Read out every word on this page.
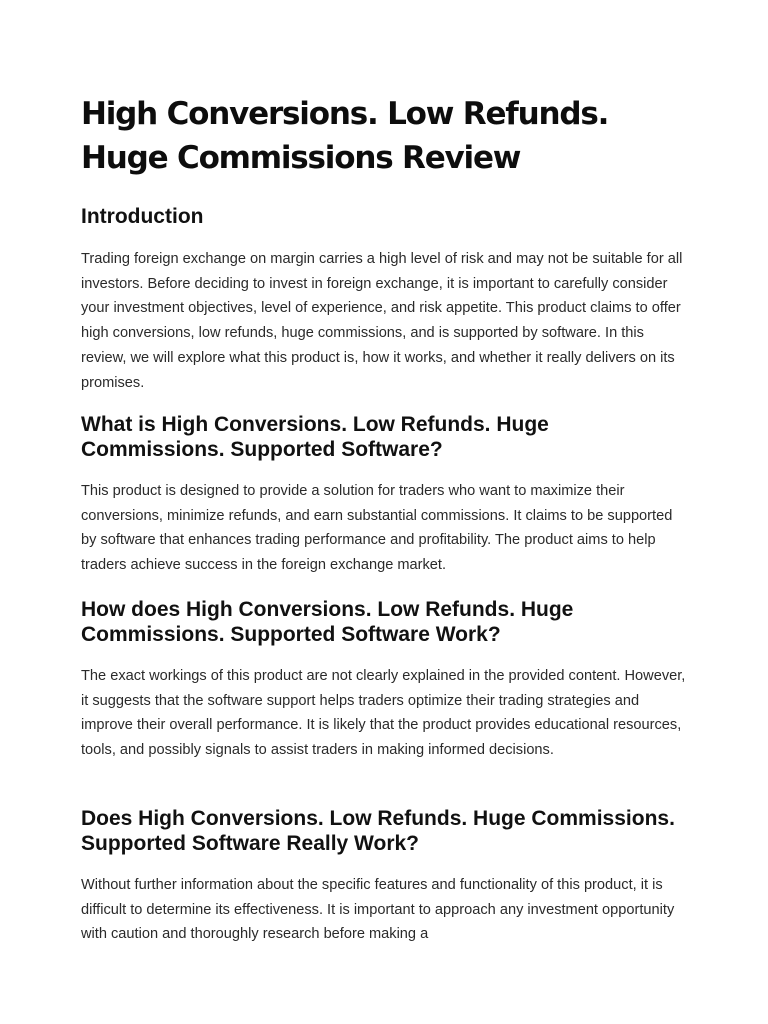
High Conversions. Low Refunds. Huge Commissions Review
Introduction

Trading foreign exchange on margin carries a high level of risk and may not be suitable for all investors. Before deciding to invest in foreign exchange, it is important to carefully consider your investment objectives, level of experience, and risk appetite. This product claims to offer high conversions, low refunds, huge commissions, and is supported by software. In this review, we will explore what this product is, how it works, and whether it really delivers on its promises.

What is High Conversions. Low Refunds. Huge Commissions. Supported Software?

This product is designed to provide a solution for traders who want to maximize their conversions, minimize refunds, and earn substantial commissions. It claims to be supported by software that enhances trading performance and profitability. The product aims to help traders achieve success in the foreign exchange market.

How does High Conversions. Low Refunds. Huge Commissions. Supported Software Work?

The exact workings of this product are not clearly explained in the provided content. However, it suggests that the software support helps traders optimize their trading strategies and improve their overall performance. It is likely that the product provides educational resources, tools, and possibly signals to assist traders in making informed decisions.

Does High Conversions. Low Refunds. Huge Commissions. Supported Software Really Work?

Without further information about the specific features and functionality of this product, it is difficult to determine its effectiveness. It is important to approach any investment opportunity with caution and thoroughly research before making a
